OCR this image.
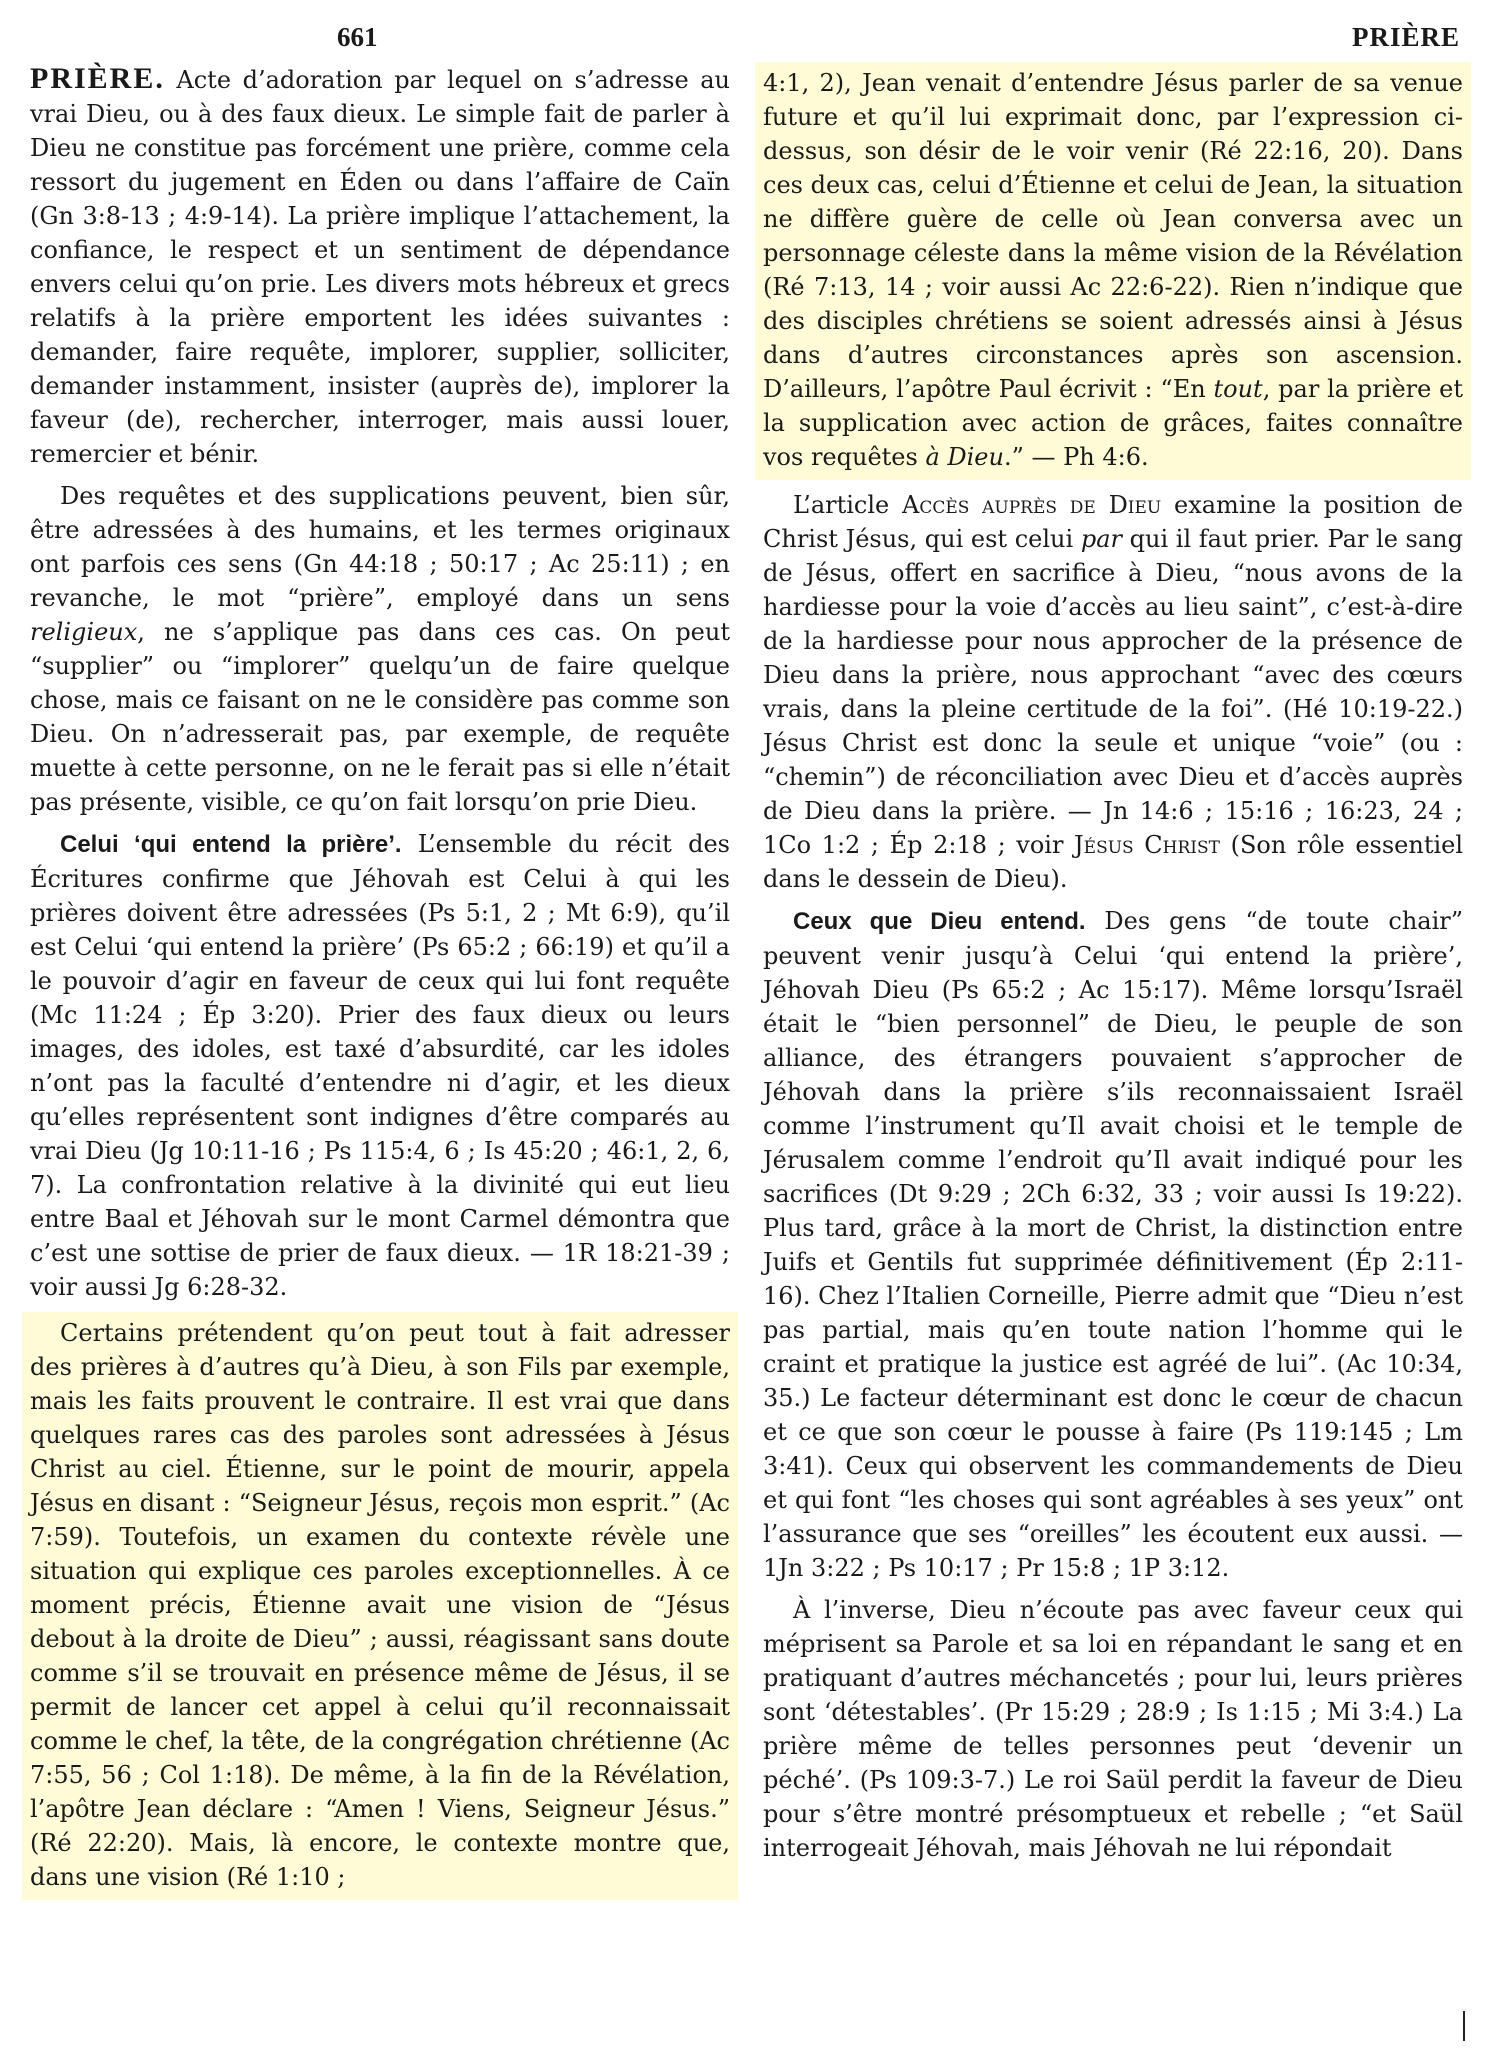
661	PRIÈRE

PRIÈRE. Acte d’adoration par lequel on s’adresse au vrai Dieu, ou à des faux dieux. Le simple fait de parler à Dieu ne constitue pas forcément une prière, comme cela ressort du jugement en Éden ou dans l’affaire de Caïn (Gn 3:8-13 ; 4:9-14). La prière implique l’attachement, la confiance, le respect et un sentiment de dépendance envers celui qu’on prie. Les divers mots hébreux et grecs relatifs à la prière emportent les idées suivantes : demander, faire requête, implorer, supplier, solliciter, demander instamment, insister (auprès de), implorer la faveur (de), rechercher, interroger, mais aussi louer, remercier et bénir.

Des requêtes et des supplications peuvent, bien sûr, être adressées à des humains, et les termes originaux ont parfois ces sens (Gn 44:18 ; 50:17 ; Ac 25:11) ; en revanche, le mot “prière”, employé dans un sens religieux, ne s’applique pas dans ces cas. On peut “supplier” ou “implorer” quelqu’un de faire quelque chose, mais ce faisant on ne le considère pas comme son Dieu. On n’adresserait pas, par exemple, de requête muette à cette personne, on ne le ferait pas si elle n’était pas présente, visible, ce qu’on fait lorsqu’on prie Dieu.

Celui ‘qui entend la prière’. L’ensemble du récit des Écritures confirme que Jéhovah est Celui à qui les prières doivent être adressées (Ps 5:1, 2 ; Mt 6:9), qu’il est Celui ‘qui entend la prière’ (Ps 65:2 ; 66:19) et qu’il a le pouvoir d’agir en faveur de ceux qui lui font requête (Mc 11:24 ; Ép 3:20). Prier des faux dieux ou leurs images, des idoles, est taxé d’absurdité, car les idoles n’ont pas la faculté d’entendre ni d’agir, et les dieux qu’elles représentent sont indignes d’être comparés au vrai Dieu (Jg 10:11-16 ; Ps 115:4, 6 ; Is 45:20 ; 46:1, 2, 6, 7). La confrontation relative à la divinité qui eut lieu entre Baal et Jéhovah sur le mont Carmel démontra que c’est une sottise de prier de faux dieux. — 1R 18:21-39 ; voir aussi Jg 6:28-32.

Certains prétendent qu’on peut tout à fait adresser des prières à d’autres qu’à Dieu, à son Fils par exemple, mais les faits prouvent le contraire. Il est vrai que dans quelques rares cas des paroles sont adressées à Jésus Christ au ciel. Étienne, sur le point de mourir, appela Jésus en disant : “Seigneur Jésus, reçois mon esprit.” (Ac 7:59). Toutefois, un examen du contexte révèle une situation qui explique ces paroles exceptionnelles. À ce moment précis, Étienne avait une vision de “Jésus debout à la droite de Dieu” ; aussi, réagissant sans doute comme s’il se trouvait en présence même de Jésus, il se permit de lancer cet appel à celui qu’il reconnaissait comme le chef, la tête, de la congrégation chrétienne (Ac 7:55, 56 ; Col 1:18). De même, à la fin de la Révélation, l’apôtre Jean déclare : “Amen ! Viens, Seigneur Jésus.” (Ré 22:20). Mais, là encore, le contexte montre que, dans une vision (Ré 1:10 ;

4:1, 2), Jean venait d’entendre Jésus parler de sa venue future et qu’il lui exprimait donc, par l’expression ci-dessus, son désir de le voir venir (Ré 22:16, 20). Dans ces deux cas, celui d’Étienne et celui de Jean, la situation ne diffère guère de celle où Jean conversa avec un personnage céleste dans la même vision de la Révélation (Ré 7:13, 14 ; voir aussi Ac 22:6-22). Rien n’indique que des disciples chrétiens se soient adressés ainsi à Jésus dans d’autres circonstances après son ascension. D’ailleurs, l’apôtre Paul écrivit : “En tout, par la prière et la supplication avec action de grâces, faites connaître vos requêtes à Dieu.” — Ph 4:6.

L’article Accès auprès de Dieu examine la position de Christ Jésus, qui est celui par qui il faut prier. Par le sang de Jésus, offert en sacrifice à Dieu, “nous avons de la hardiesse pour la voie d’accès au lieu saint”, c’est-à-dire de la hardiesse pour nous approcher de la présence de Dieu dans la prière, nous approchant “avec des cœurs vrais, dans la pleine certitude de la foi”. (Hé 10:19-22.) Jésus Christ est donc la seule et unique “voie” (ou : “chemin”) de réconciliation avec Dieu et d’accès auprès de Dieu dans la prière. — Jn 14:6 ; 15:16 ; 16:23, 24 ; 1Co 1:2 ; Ép 2:18 ; voir Jésus Christ (Son rôle essentiel dans le dessein de Dieu).

Ceux que Dieu entend. Des gens “de toute chair” peuvent venir jusqu’à Celui ‘qui entend la prière’, Jéhovah Dieu (Ps 65:2 ; Ac 15:17). Même lorsqu’Israël était le “bien personnel” de Dieu, le peuple de son alliance, des étrangers pouvaient s’approcher de Jéhovah dans la prière s’ils reconnaissaient Israël comme l’instrument qu’Il avait choisi et le temple de Jérusalem comme l’endroit qu’Il avait indiqué pour les sacrifices (Dt 9:29 ; 2Ch 6:32, 33 ; voir aussi Is 19:22). Plus tard, grâce à la mort de Christ, la distinction entre Juifs et Gentils fut supprimée définitivement (Ép 2:11-16). Chez l’Italien Corneille, Pierre admit que “Dieu n’est pas partial, mais qu’en toute nation l’homme qui le craint et pratique la justice est agréé de lui”. (Ac 10:34, 35.) Le facteur déterminant est donc le cœur de chacun et ce que son cœur le pousse à faire (Ps 119:145 ; Lm 3:41). Ceux qui observent les commandements de Dieu et qui font “les choses qui sont agréables à ses yeux” ont l’assurance que ses “oreilles” les écoutent eux aussi. — 1Jn 3:22 ; Ps 10:17 ; Pr 15:8 ; 1P 3:12.

À l’inverse, Dieu n’écoute pas avec faveur ceux qui méprisent sa Parole et sa loi en répandant le sang et en pratiquant d’autres méchancetés ; pour lui, leurs prières sont ‘détestables’. (Pr 15:29 ; 28:9 ; Is 1:15 ; Mi 3:4.) La prière même de telles personnes peut ‘devenir un péché’. (Ps 109:3-7.) Le roi Saül perdit la faveur de Dieu pour s’être montré présomptueux et rebelle ; “et Saül interrogeait Jéhovah, mais Jéhovah ne lui répondait
